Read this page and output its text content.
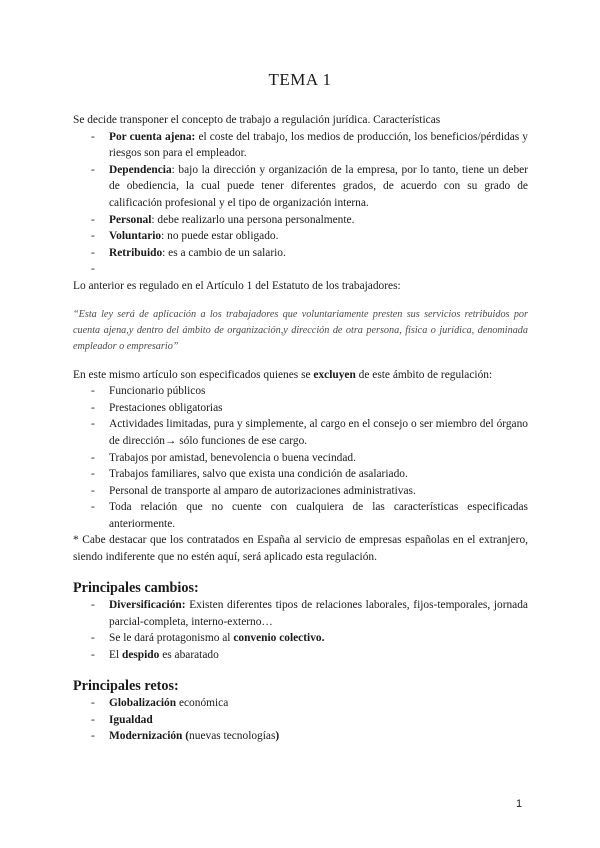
TEMA 1

Se decide transponer el concepto de trabajo a regulación jurídica. Características

- Por cuenta ajena: el coste del trabajo, los medios de producción, los beneficios/pérdidas y riesgos son para el empleador.
- Dependencia: bajo la dirección y organización de la empresa, por lo tanto, tiene un deber de obediencia, la cual puede tener diferentes grados, de acuerdo con su grado de calificación profesional y el tipo de organización interna.
- Personal: debe realizarlo una persona personalmente.
- Voluntario: no puede estar obligado.
- Retribuido: es a cambio de un salario.
-

Lo anterior es regulado en el Artículo 1 del Estatuto de los trabajadores:

“Esta ley será de aplicación a los trabajadores que voluntariamente presten sus servicios retribuidos por cuenta ajena,y dentro del ámbito de organización,y dirección de otra persona, física o jurídica, denominada empleador o empresario”

En este mismo artículo son especificados quienes se excluyen de este ámbito de regulación:

- Funcionario públicos
- Prestaciones obligatorias
- Actividades limitadas, pura y simplemente, al cargo en el consejo o ser miembro del órgano de dirección→ sólo funciones de ese cargo.
- Trabajos por amistad, benevolencia o buena vecindad.
- Trabajos familiares, salvo que exista una condición de asalariado.
- Personal de transporte al amparo de autorizaciones administrativas.
- Toda relación que no cuente con cualquiera de las características especificadas anteriormente.

* Cabe destacar que los contratados en España al servicio de empresas españolas en el extranjero, siendo indiferente que no estén aquí, será aplicado esta regulación.

Principales cambios:
- Diversificación: Existen diferentes tipos de relaciones laborales, fijos-temporales, jornada parcial-completa, interno-externo…
- Se le dará protagonismo al convenio colectivo.
- El despido es abaratado
Principales retos:
- Globalización económica
- Igualdad
- Modernización (nuevas tecnologías)
1
